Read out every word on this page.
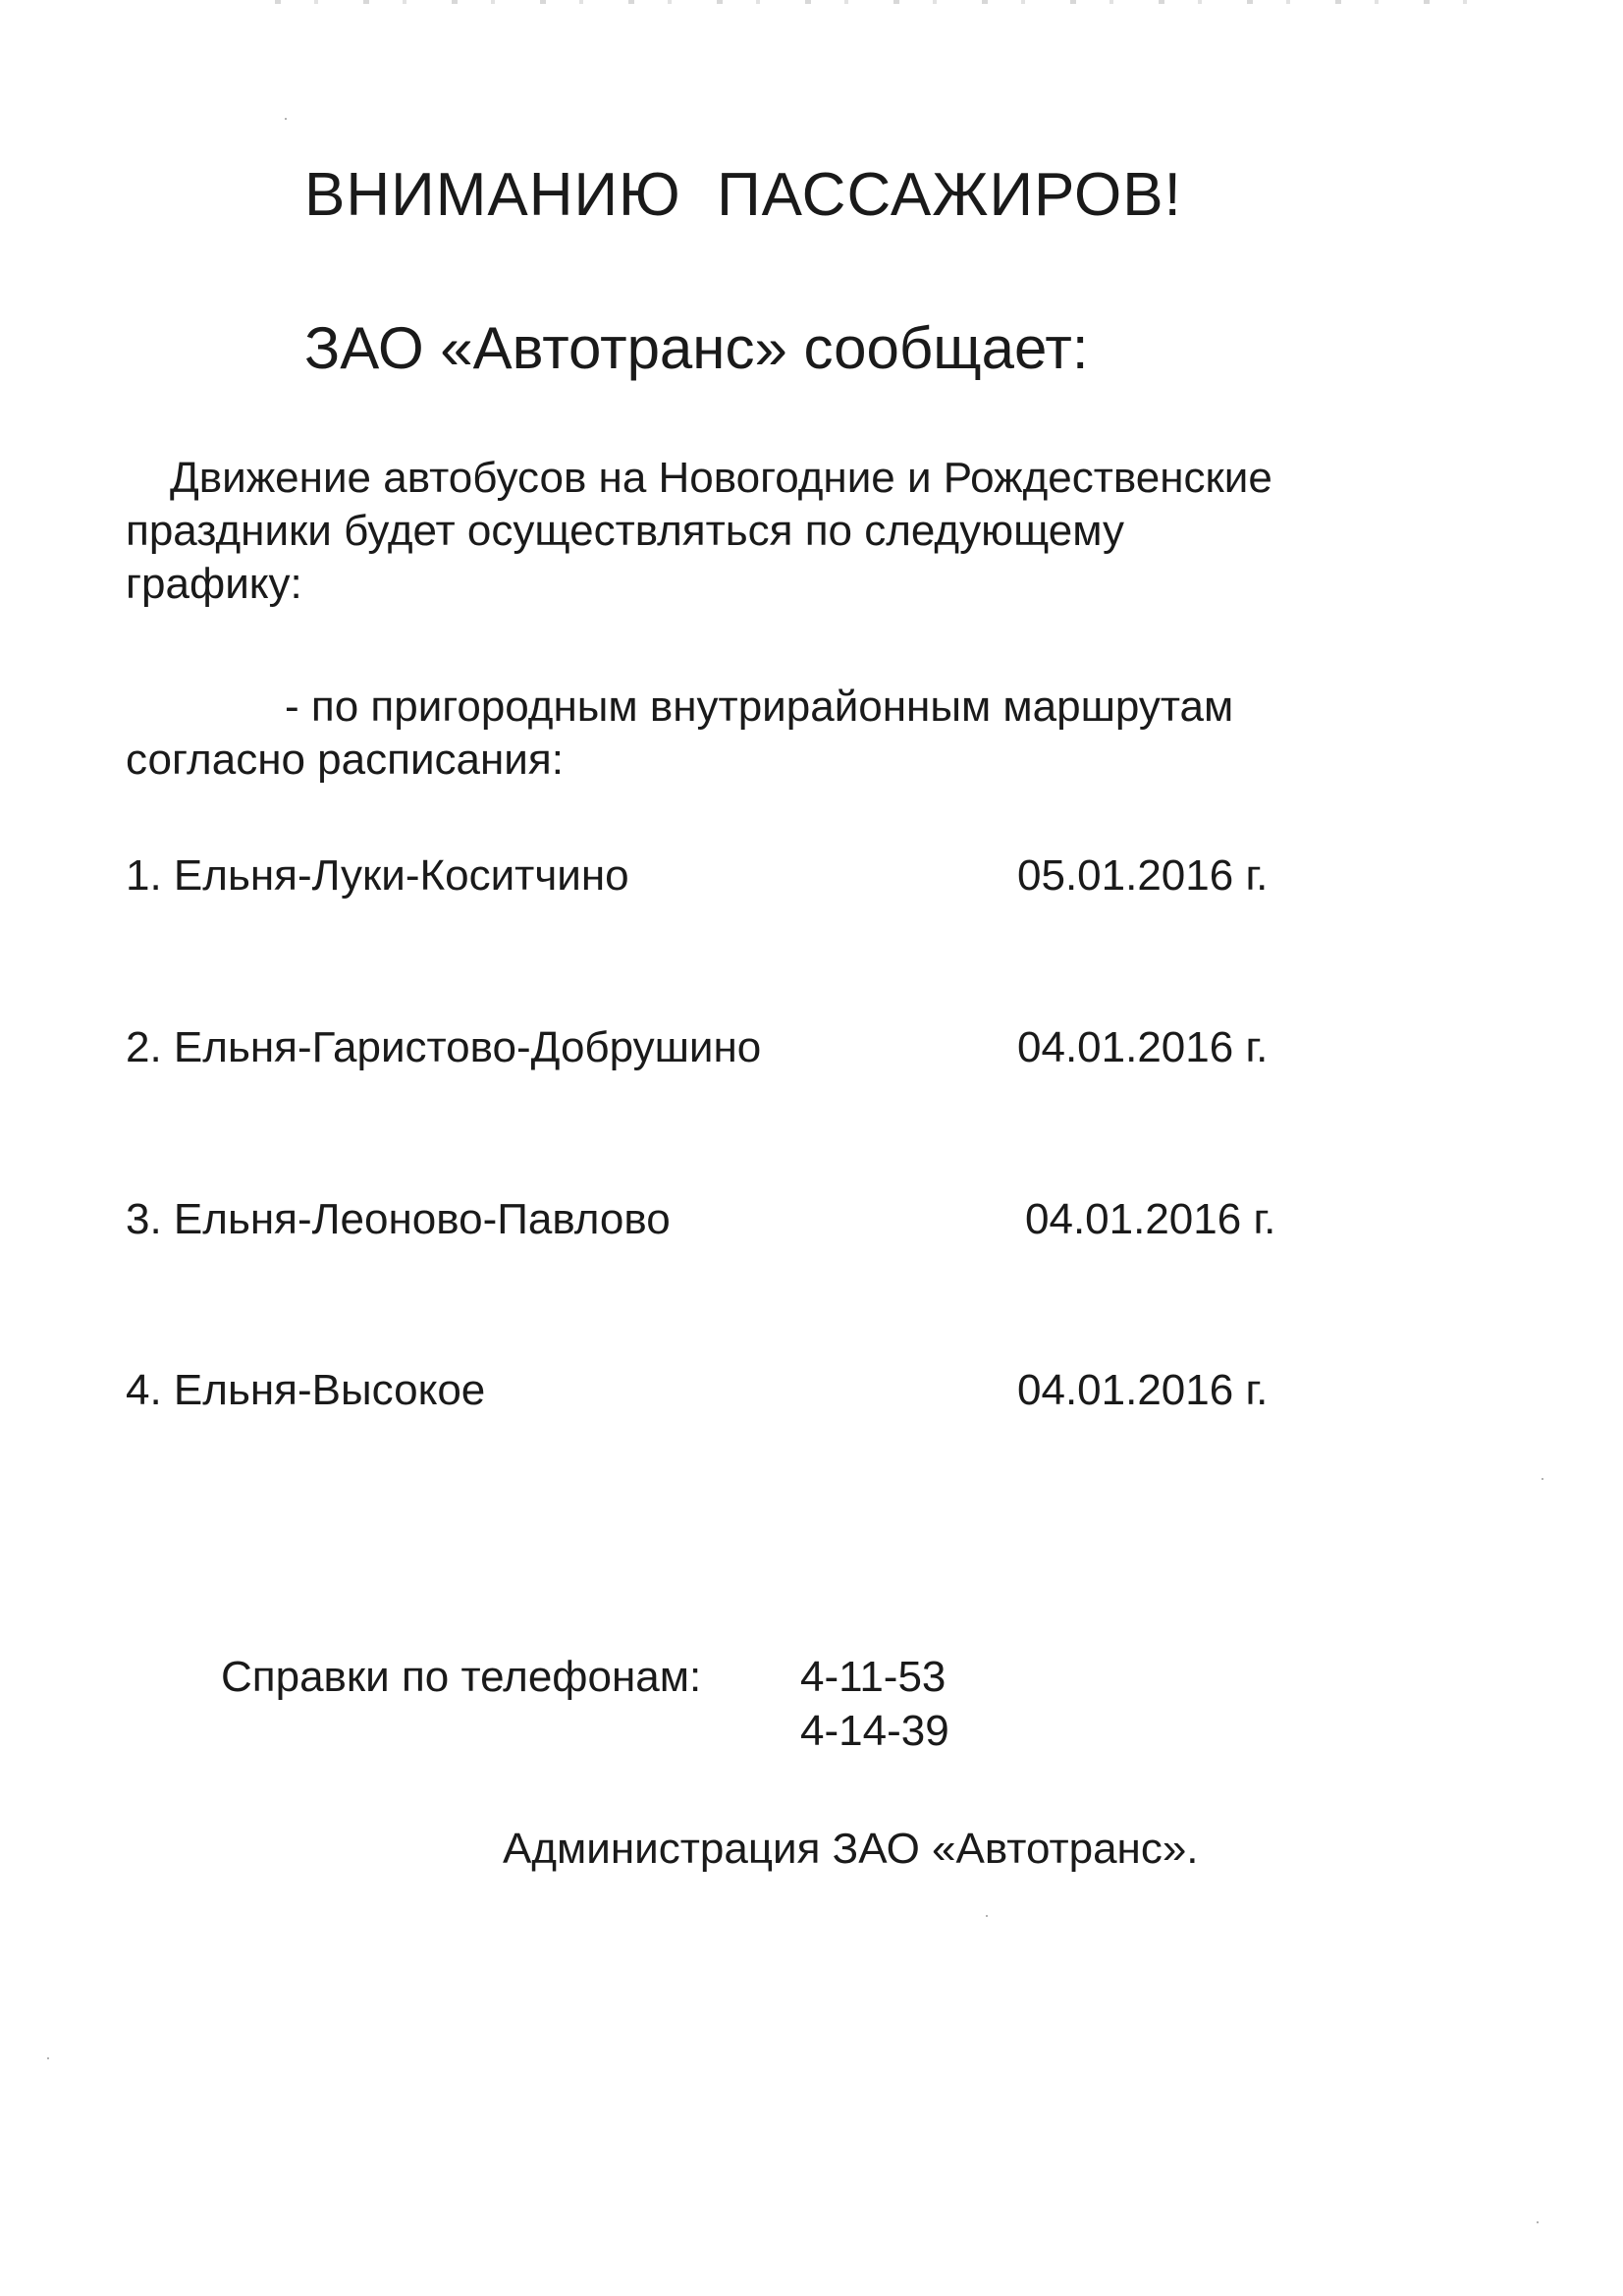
ВНИМАНИЮ  ПАССАЖИРОВ!
ЗАО «Автотранс» сообщает:
Движение автобусов на Новогодние и Рождественские
праздники будет осуществляться по следующему
графику:
- по пригородным внутрирайонным маршрутам
согласно расписания:
1. Ельня-Луки-Коситчино	05.01.2016 г.
2. Ельня-Гаристово-Добрушино	04.01.2016 г.
3. Ельня-Леоново-Павлово	04.01.2016 г.
4. Ельня-Высокое	04.01.2016 г.
Справки по телефонам: 4-11-53
4-14-39
Администрация ЗАО «Автотранс».
